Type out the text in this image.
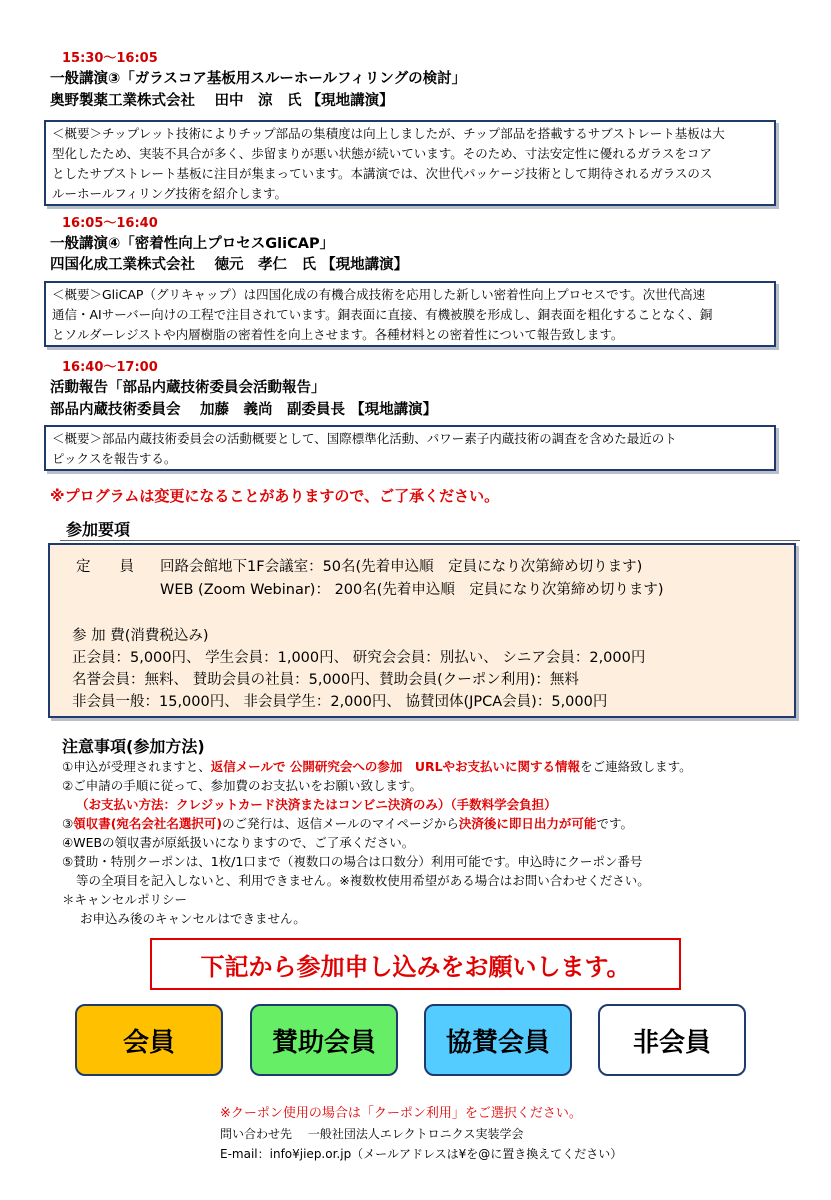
15:30〜16:05
一般講演③「ガラスコア基板用スルーホールフィリングの検討」
奥野製薬工業株式会社　 田中　涼　氏 【現地講演】
＜概要＞チップレット技術によりチップ部品の集積度は向上しましたが、チップ部品を搭載するサブストレート基板は大
型化したため、実装不具合が多く、歩留まりが悪い状態が続いています。そのため、寸法安定性に優れるガラスをコア
としたサブストレート基板に注目が集まっています。本講演では、次世代パッケージ技術として期待されるガラスのス
ルーホールフィリング技術を紹介します。
16:05〜16:40
一般講演④「密着性向上プロセスGliCAP」
四国化成工業株式会社　 徳元　孝仁　氏 【現地講演】
＜概要＞GliCAP（グリキャップ）は四国化成の有機合成技術を応用した新しい密着性向上プロセスです。次世代高速
通信・AIサーバー向けの工程で注目されています。銅表面に直接、有機被膜を形成し、銅表面を粗化することなく、銅
とソルダーレジストや内層樹脂の密着性を向上させます。各種材料との密着性について報告致します。
16:40〜17:00
活動報告「部品内蔵技術委員会活動報告」
部品内蔵技術委員会　 加藤　義尚　副委員長 【現地講演】
＜概要＞部品内蔵技術委員会の活動概要として、国際標準化活動、パワー素子内蔵技術の調査を含めた最近のト
ピックスを報告する。
※プログラムは変更になることがありますので、ご了承ください。
参加要項
定　　員 回路会館地下1F会議室：50名(先着申込順　定員になり次第締め切ります)
WEB (Zoom Webinar)： 200名(先着申込順　定員になり次第締め切ります)
参 加 費(消費税込み)
正会員：5,000円、 学生会員：1,000円、 研究会会員：別払い、 シニア会員：2,000円
名誉会員：無料、 賛助会員の社員：5,000円、賛助会員(クーポン利用)：無料
非会員一般：15,000円、 非会員学生：2,000円、 協賛団体(JPCA会員)：5,000円
注意事項(参加方法)
①申込が受理されますと、返信メールで 公開研究会への参加　URLやお支払いに関する情報をご連絡致します。
②ご申請の手順に従って、参加費のお支払いをお願い致します。
（お支払い方法：クレジットカード決済またはコンビニ決済のみ）（手数料学会負担）
③領収書(宛名会社名選択可)のご発行は、返信メールのマイページから決済後に即日出力が可能です。
④WEBの領収書が原紙扱いになりますので、ご了承ください。
⑤賛助・特別クーポンは、1枚/1口まで（複数口の場合は口数分）利用可能です。申込時にクーポン番号
等の全項目を記入しないと、利用できません。※複数枚使用希望がある場合はお問い合わせください。
＊キャンセルポリシー
お申込み後のキャンセルはできません。
下記から参加申し込みをお願いします。
会員	賛助会員	協賛会員	非会員
※クーポン使用の場合は「クーポン利用」をご選択ください。
問い合わせ先　 一般社団法人エレクトロニクス実装学会
E-mail：info¥jiep.or.jp（メールアドレスは¥を@に置き換えてください）
